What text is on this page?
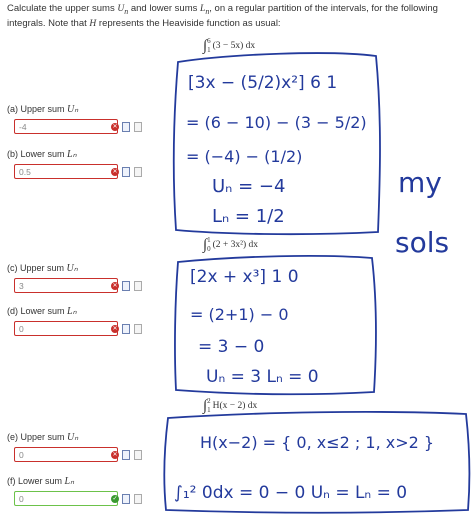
Calculate the upper sums $U_n$ and lower sums $L_n$, on a regular partition of the intervals, for the following integrals. Note that H represents the Heaviside function as usual:
∫6
1 (3 − 5x) dx
∫1
0 (2 + 3x²) dx
∫2
1 H(x − 2) dx
(a) Upper sum Uₙ
-4	✕
(b) Lower sum Lₙ
0.5	✕
(c) Upper sum Uₙ
3	✕
(d) Lower sum Lₙ
0	✕
(e) Upper sum Uₙ
0	✕
(f) Lower sum Lₙ
0	✓
[3x − (5/2)x²] 6 1
= (6 − 10) − (3 − 5/2)
= (−4) − (1/2)
Uₙ = −4
Lₙ = 1/2
[2x + x³] 1 0
= (2+1) − 0
= 3 − 0
Uₙ = 3 Lₙ = 0
H(x−2) = { 0, x≤2 ; 1, x>2 }
∫₁² 0dx = 0 − 0 Uₙ = Lₙ = 0
my
sols
